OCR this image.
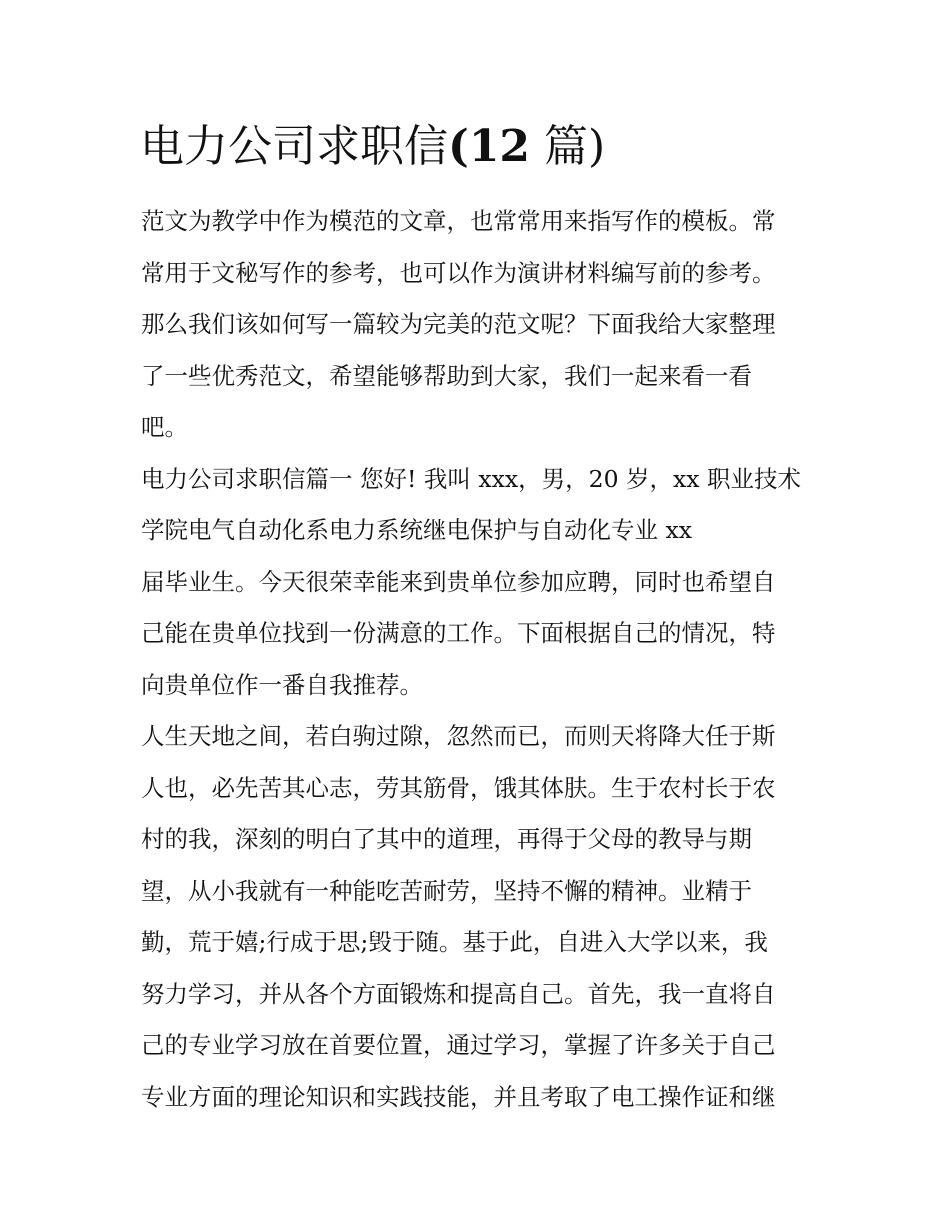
电力公司求职信(12 篇)
范文为教学中作为模范的文章，也常常用来指写作的模板。常
常用于文秘写作的参考，也可以作为演讲材料编写前的参考。
那么我们该如何写一篇较为完美的范文呢？下面我给大家整理
了一些优秀范文，希望能够帮助到大家，我们一起来看一看
吧。
电力公司求职信篇一 您好! 我叫 xxx，男，20 岁，xx 职业技术
学院电气自动化系电力系统继电保护与自动化专业 xx
届毕业生。今天很荣幸能来到贵单位参加应聘，同时也希望自
己能在贵单位找到一份满意的工作。下面根据自己的情况，特
向贵单位作一番自我推荐。
人生天地之间，若白驹过隙，忽然而已，而则天将降大任于斯
人也，必先苦其心志，劳其筋骨，饿其体肤。生于农村长于农
村的我，深刻的明白了其中的道理，再得于父母的教导与期
望，从小我就有一种能吃苦耐劳，坚持不懈的精神。业精于
勤，荒于嬉;行成于思;毁于随。基于此，自进入大学以来，我
努力学习，并从各个方面锻炼和提高自己。首先，我一直将自
己的专业学习放在首要位置，通过学习，掌握了许多关于自己
专业方面的理论知识和实践技能，并且考取了电工操作证和继
